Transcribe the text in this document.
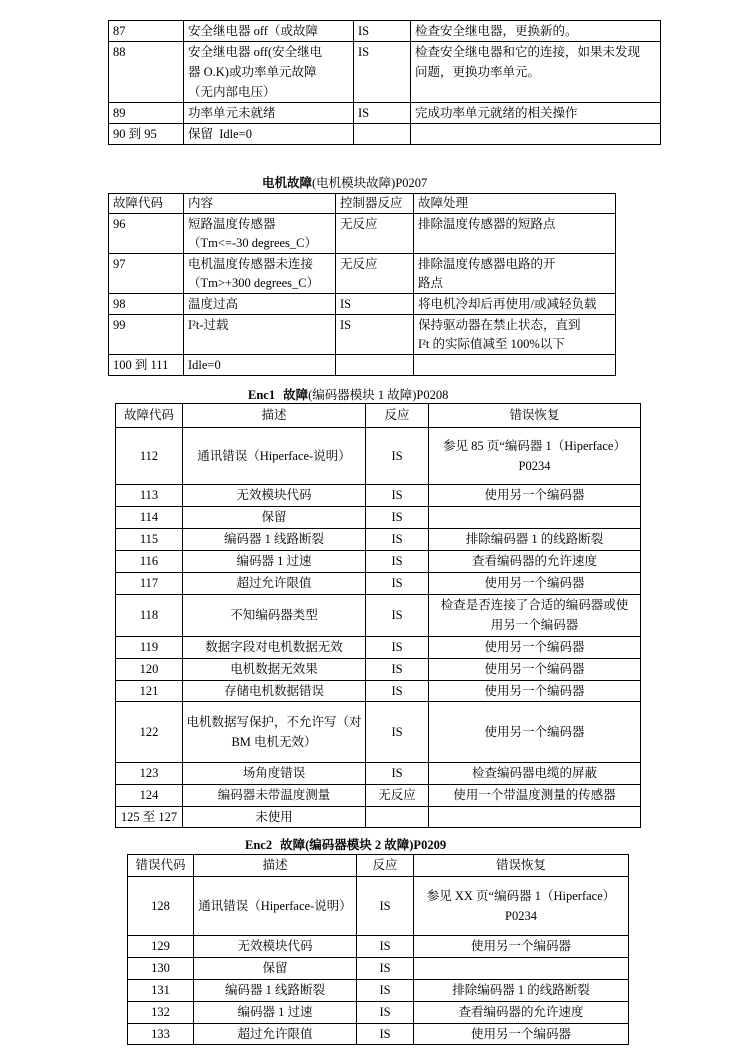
87	安全继电器 off（或故障	IS	检查安全继电器，更换新的。

88	安全继电器 off(安全继电
器 O.K)或功率单元故障
（无内部电压）	IS	检查安全继电器和它的连接，如果未发现
问题，更换功率单元。

89	功率单元未就绪	IS	完成功率单元就绪的相关操作

90 到 95	保留  Idle=0		

电机故障(电机模块故障)P0207
故障代码	内容	控制器反应	故障处理

96	短路温度传感器
（Tm<=-30 degrees_C）	无反应	排除温度传感器的短路点

97	电机温度传感器未连接
（Tm>+300 degrees_C）	无反应	排除温度传感器电路的开
路点

98	温度过高	IS	将电机冷却后再使用/或减轻负载

99	I²t-过载	IS	保持驱动器在禁止状态，直到
I²t 的实际值减至 100%以下

100 到 111	Idle=0		

Enc1 故障(编码器模块 1 故障)P0208
故障代码	描述	反应	错误恢复

112	通讯错误（Hiperface-说明）	IS	参见 85 页“编码器 1（Hiperface）
P0234

113	无效模块代码	IS	使用另一个编码器

114	保留	IS	

115	编码器 1 线路断裂	IS	排除编码器 1 的线路断裂

116	编码器 1 过速	IS	查看编码器的允许速度

117	超过允许限值	IS	使用另一个编码器

118	不知编码器类型	IS	检查是否连接了合适的编码器或使
用另一个编码器

119	数据字段对电机数据无效	IS	使用另一个编码器

120	电机数据无效果	IS	使用另一个编码器

121	存储电机数据错误	IS	使用另一个编码器

122	电机数据写保护，不允许写（对
BM 电机无效）	IS	使用另一个编码器

123	场角度错误	IS	检查编码器电缆的屏蔽

124	编码器未带温度测量	无反应	使用一个带温度测量的传感器

125 至 127	未使用		

Enc2 故障(编码器模块 2 故障)P0209
错误代码	描述	反应	错误恢复

128	通讯错误（Hiperface-说明）	IS	参见 XX 页“编码器 1（Hiperface）
P0234

129	无效模块代码	IS	使用另一个编码器

130	保留	IS	

131	编码器 1 线路断裂	IS	排除编码器 1 的线路断裂

132	编码器 1 过速	IS	查看编码器的允许速度

133	超过允许限值	IS	使用另一个编码器
